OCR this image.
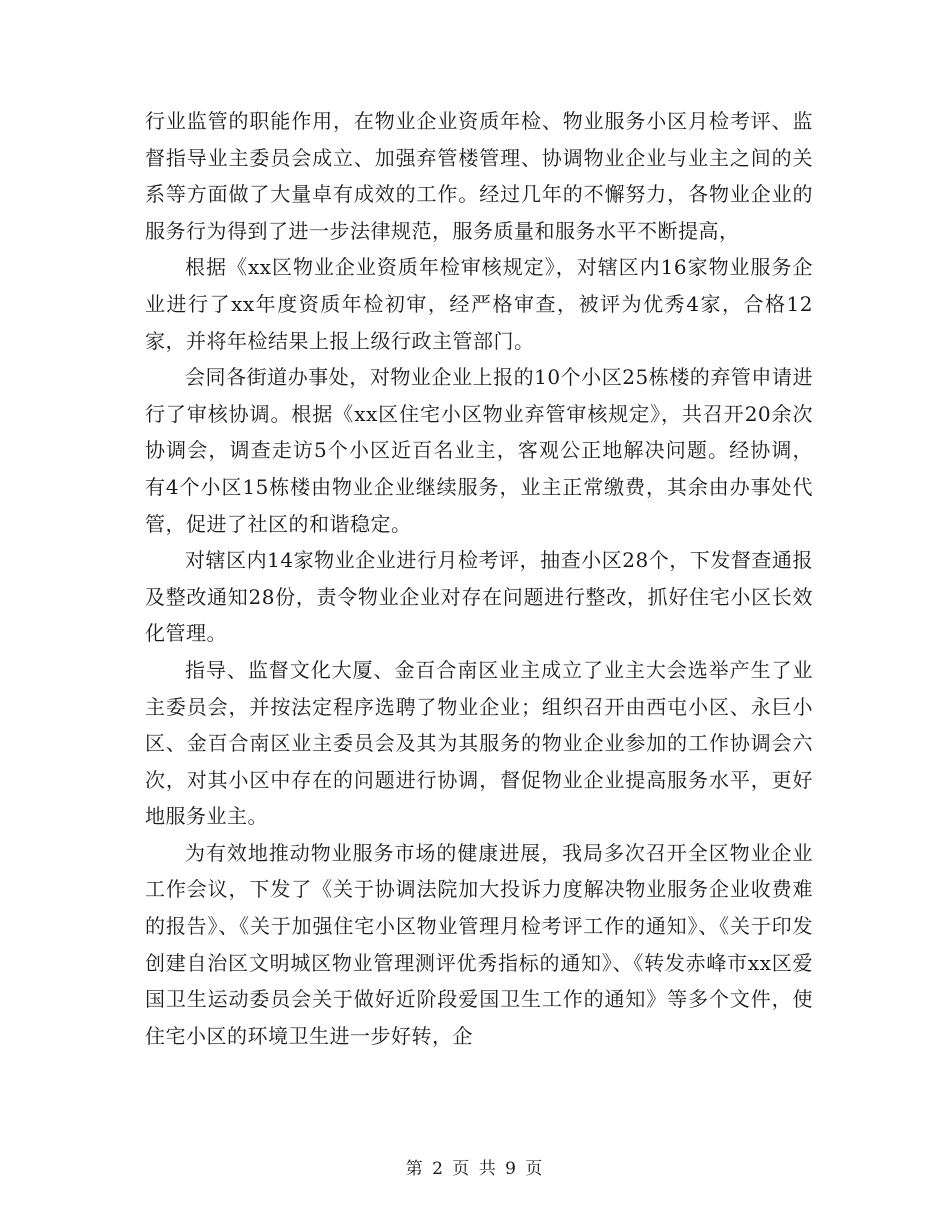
行业监管的职能作用，在物业企业资质年检、物业服务小区月检考评、监督指导业主委员会成立、加强弃管楼管理、协调物业企业与业主之间的关系等方面做了大量卓有成效的工作。经过几年的不懈努力，各物业企业的服务行为得到了进一步法律规范，服务质量和服务水平不断提高，

根据《xx区物业企业资质年检审核规定》，对辖区内16家物业服务企业进行了xx年度资质年检初审，经严格审查，被评为优秀4家，合格12家，并将年检结果上报上级行政主管部门。

会同各街道办事处，对物业企业上报的10个小区25栋楼的弃管申请进行了审核协调。根据《xx区住宅小区物业弃管审核规定》，共召开20余次协调会，调查走访5个小区近百名业主，客观公正地解决问题。经协调，有4个小区15栋楼由物业企业继续服务，业主正常缴费，其余由办事处代管，促进了社区的和谐稳定。

对辖区内14家物业企业进行月检考评，抽查小区28个，下发督查通报及整改通知28份，责令物业企业对存在问题进行整改，抓好住宅小区长效化管理。

指导、监督文化大厦、金百合南区业主成立了业主大会选举产生了业主委员会，并按法定程序选聘了物业企业；组织召开由西屯小区、永巨小区、金百合南区业主委员会及其为其服务的物业企业参加的工作协调会六次，对其小区中存在的问题进行协调，督促物业企业提高服务水平，更好地服务业主。

为有效地推动物业服务市场的健康进展，我局多次召开全区物业企业工作会议，下发了《关于协调法院加大投诉力度解决物业服务企业收费难的报告》、《关于加强住宅小区物业管理月检考评工作的通知》、《关于印发创建自治区文明城区物业管理测评优秀指标的通知》、《转发赤峰市xx区爱国卫生运动委员会关于做好近阶段爱国卫生工作的通知》等多个文件，使住宅小区的环境卫生进一步好转，企

第 2 页 共 9 页
